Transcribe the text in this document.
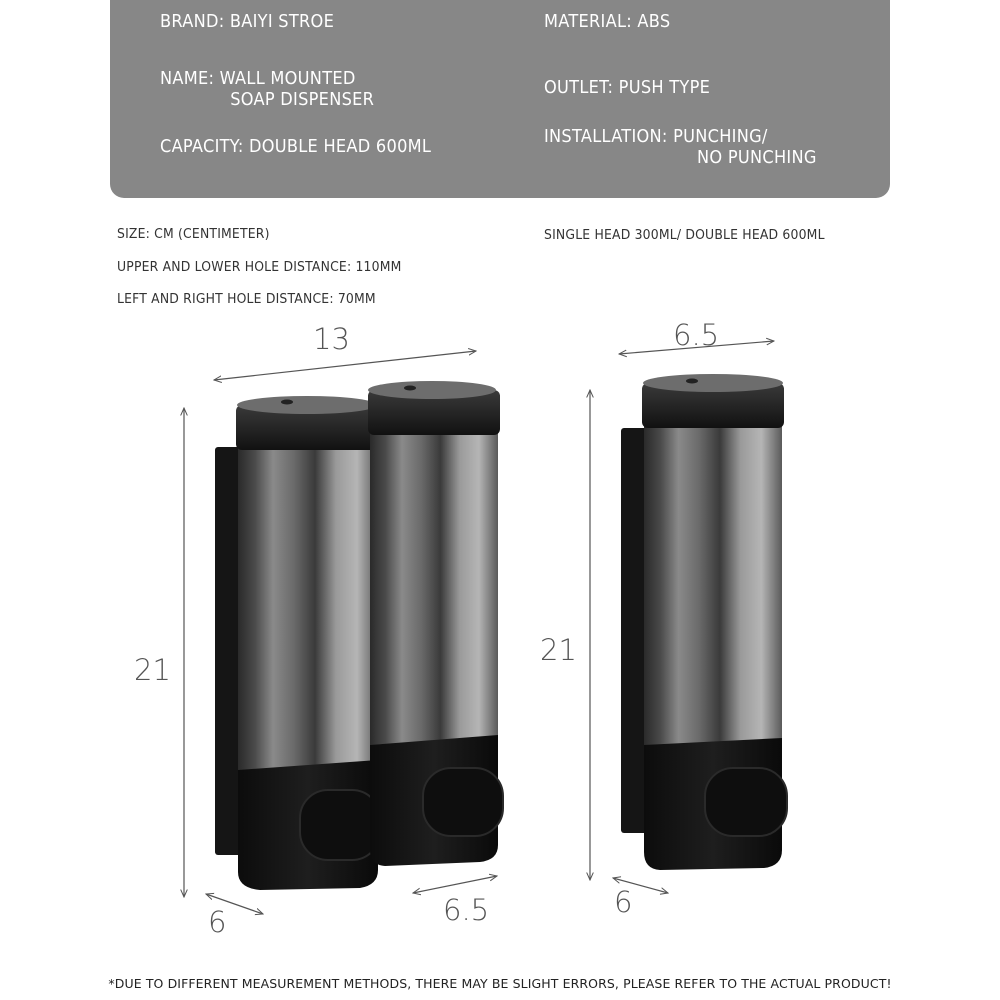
BRAND: BAIYI STROE
NAME: WALL MOUNTED
SOAP DISPENSER
CAPACITY: DOUBLE HEAD 600ML
MATERIAL: ABS
OUTLET: PUSH TYPE
INSTALLATION: PUNCHING/
NO PUNCHING
SIZE: CM (CENTIMETER)
UPPER AND LOWER HOLE DISTANCE: 110MM
LEFT AND RIGHT HOLE DISTANCE: 70MM
SINGLE HEAD 300ML/ DOUBLE HEAD 600ML
13
21
6	6.5
6.5
21
6
*DUE TO DIFFERENT MEASUREMENT METHODS, THERE MAY BE SLIGHT ERRORS, PLEASE REFER TO THE ACTUAL PRODUCT!
